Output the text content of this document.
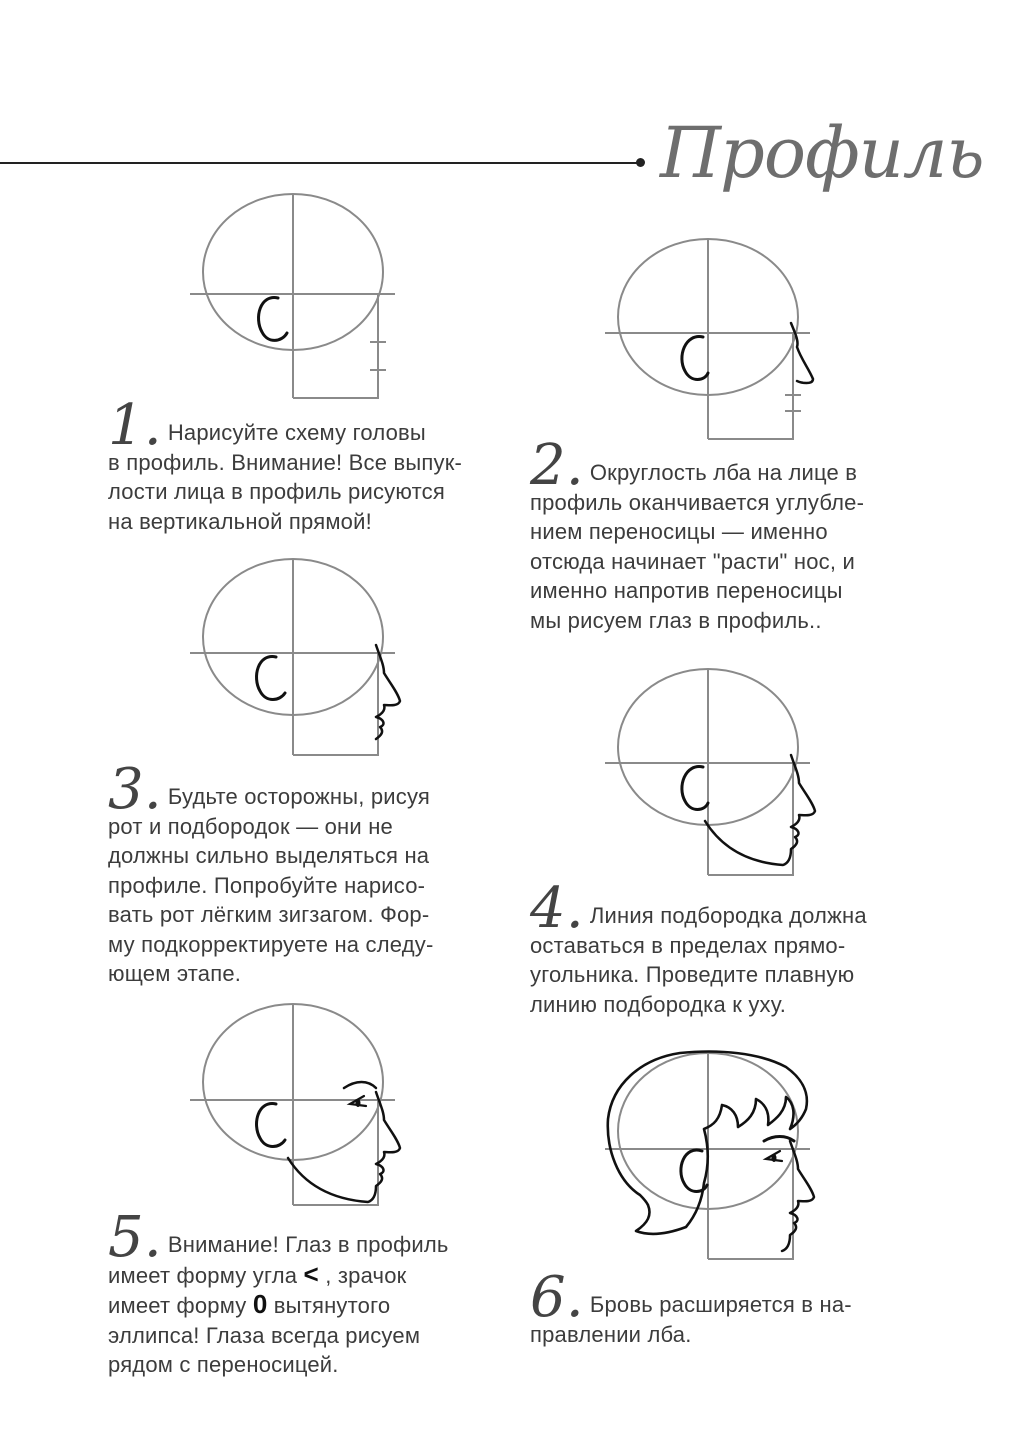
Профиль
1. Нарисуйте схему головы
в профиль. Внимание! Все выпук-
лости лица в профиль рисуются
на вертикальной прямой!
2. Округлость лба на лице в
профиль оканчивается углубле-
нием переносицы — именно
отсюда начинает "расти" нос, и
именно напротив переносицы
мы рисуем глаз в профиль..
3. Будьте осторожны, рисуя
рот и подбородок — они не
должны сильно выделяться на
профиле. Попробуйте нарисо-
вать рот лёгким зигзагом. Фор-
му подкорректируете на следу-
ющем этапе.
4. Линия подбородка должна
оставаться в пределах прямо-
угольника. Проведите плавную
линию подбородка к уху.
5. Внимание! Глаз в профиль
имеет форму угла < , зрачок
имеет форму 0 вытянутого
эллипса! Глаза всегда рисуем
рядом с переносицей.
6. Бровь расширяется в на-
правлении лба.
